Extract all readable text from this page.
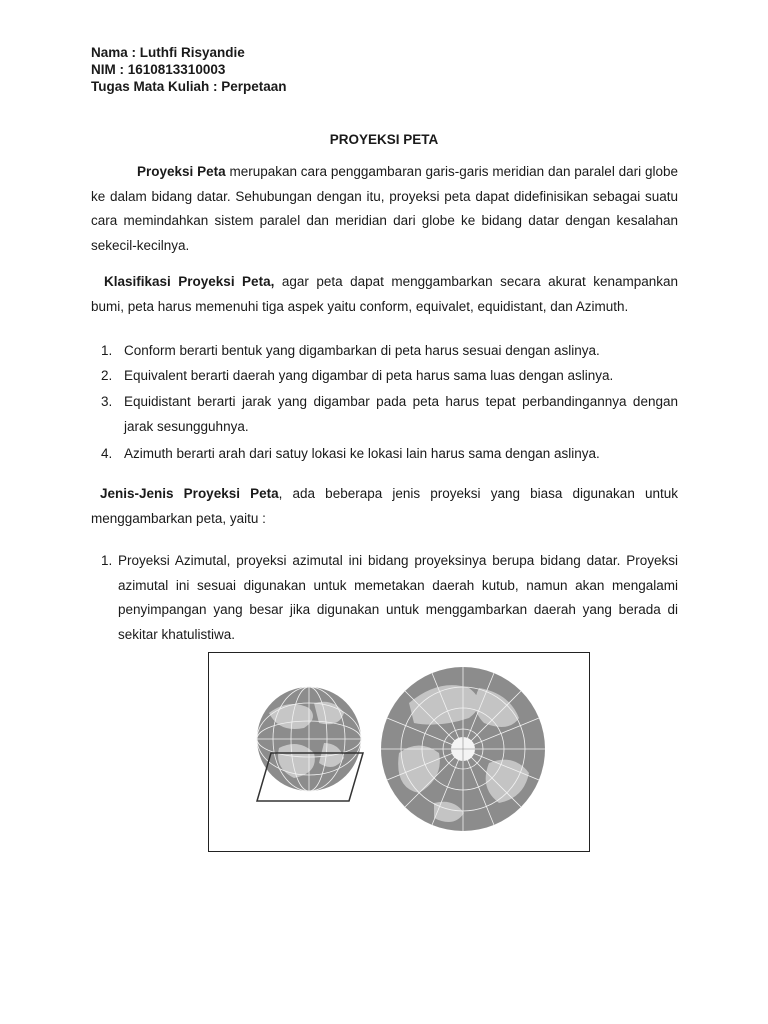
Nama : Luthfi Risyandie
NIM : 1610813310003
Tugas Mata Kuliah : Perpetaan
PROYEKSI PETA

Proyeksi Peta merupakan cara penggambaran garis-garis meridian dan paralel dari globe ke dalam bidang datar. Sehubungan dengan itu, proyeksi peta dapat didefinisikan sebagai suatu cara memindahkan sistem paralel dan meridian dari globe ke bidang datar dengan kesalahan sekecil-kecilnya.

Klasifikasi Proyeksi Peta, agar peta dapat menggambarkan secara akurat kenampankan bumi, peta harus memenuhi tiga aspek yaitu conform, equivalet, equidistant, dan Azimuth.

1. Conform berarti bentuk yang digambarkan di peta harus sesuai dengan aslinya.
2. Equivalent berarti daerah yang digambar di peta harus sama luas dengan aslinya.
3. Equidistant berarti jarak yang digambar pada peta harus tepat perbandingannya dengan jarak sesungguhnya.
4. Azimuth berarti arah dari satuy lokasi ke lokasi lain harus sama dengan aslinya.

Jenis-Jenis Proyeksi Peta, ada beberapa jenis proyeksi yang biasa digunakan untuk menggambarkan peta, yaitu :

1. Proyeksi Azimutal, proyeksi azimutal ini bidang proyeksinya berupa bidang datar. Proyeksi azimutal ini sesuai digunakan untuk memetakan daerah kutub, namun akan mengalami penyimpangan yang besar jika digunakan untuk menggambarkan daerah yang berada di sekitar khatulistiwa.
